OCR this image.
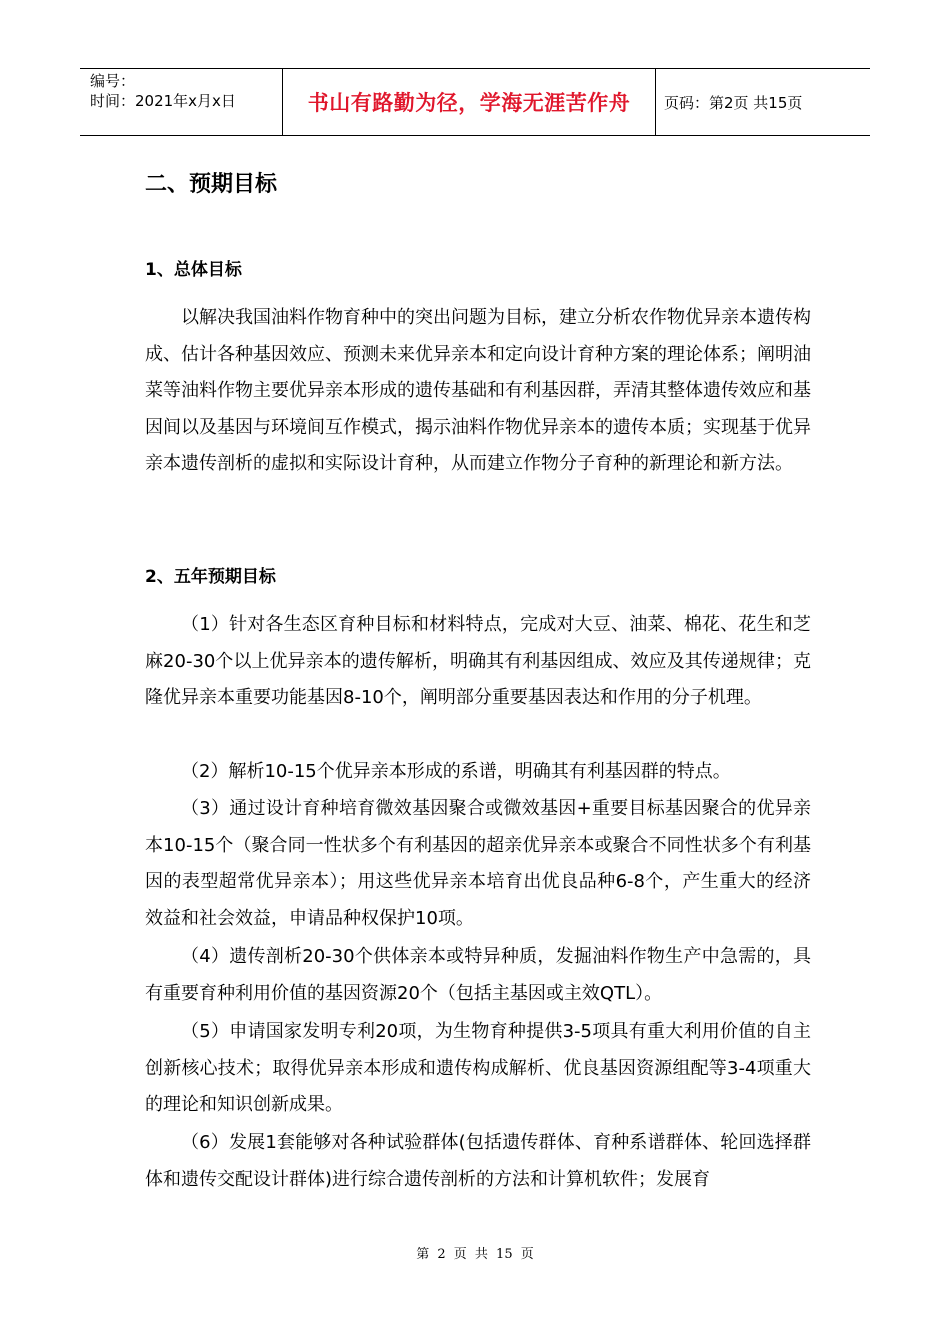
编号：
时间：2021年x月x日	书山有路勤为径，学海无涯苦作舟	页码：第2页 共15页
二、预期目标
1、总体目标
以解决我国油料作物育种中的突出问题为目标，建立分析农作物优异亲本遗传构成、估计各种基因效应、预测未来优异亲本和定向设计育种方案的理论体系；阐明油菜等油料作物主要优异亲本形成的遗传基础和有利基因群，弄清其整体遗传效应和基因间以及基因与环境间互作模式，揭示油料作物优异亲本的遗传本质；实现基于优异亲本遗传剖析的虚拟和实际设计育种，从而建立作物分子育种的新理论和新方法。
2、五年预期目标
（1）针对各生态区育种目标和材料特点，完成对大豆、油菜、棉花、花生和芝麻20-30个以上优异亲本的遗传解析，明确其有利基因组成、效应及其传递规律；克隆优异亲本重要功能基因8-10个，阐明部分重要基因表达和作用的分子机理。
（2）解析10-15个优异亲本形成的系谱，明确其有利基因群的特点。
（3）通过设计育种培育微效基因聚合或微效基因+重要目标基因聚合的优异亲本10-15个（聚合同一性状多个有利基因的超亲优异亲本或聚合不同性状多个有利基因的表型超常优异亲本）；用这些优异亲本培育出优良品种6-8个，产生重大的经济效益和社会效益，申请品种权保护10项。
（4）遗传剖析20-30个供体亲本或特异种质，发掘油料作物生产中急需的，具有重要育种利用价值的基因资源20个（包括主基因或主效QTL）。
（5）申请国家发明专利20项，为生物育种提供3-5项具有重大利用价值的自主创新核心技术；取得优异亲本形成和遗传构成解析、优良基因资源组配等3-4项重大的理论和知识创新成果。
（6）发展1套能够对各种试验群体(包括遗传群体、育种系谱群体、轮回选择群体和遗传交配设计群体)进行综合遗传剖析的方法和计算机软件；发展育
第 2 页 共 15 页
